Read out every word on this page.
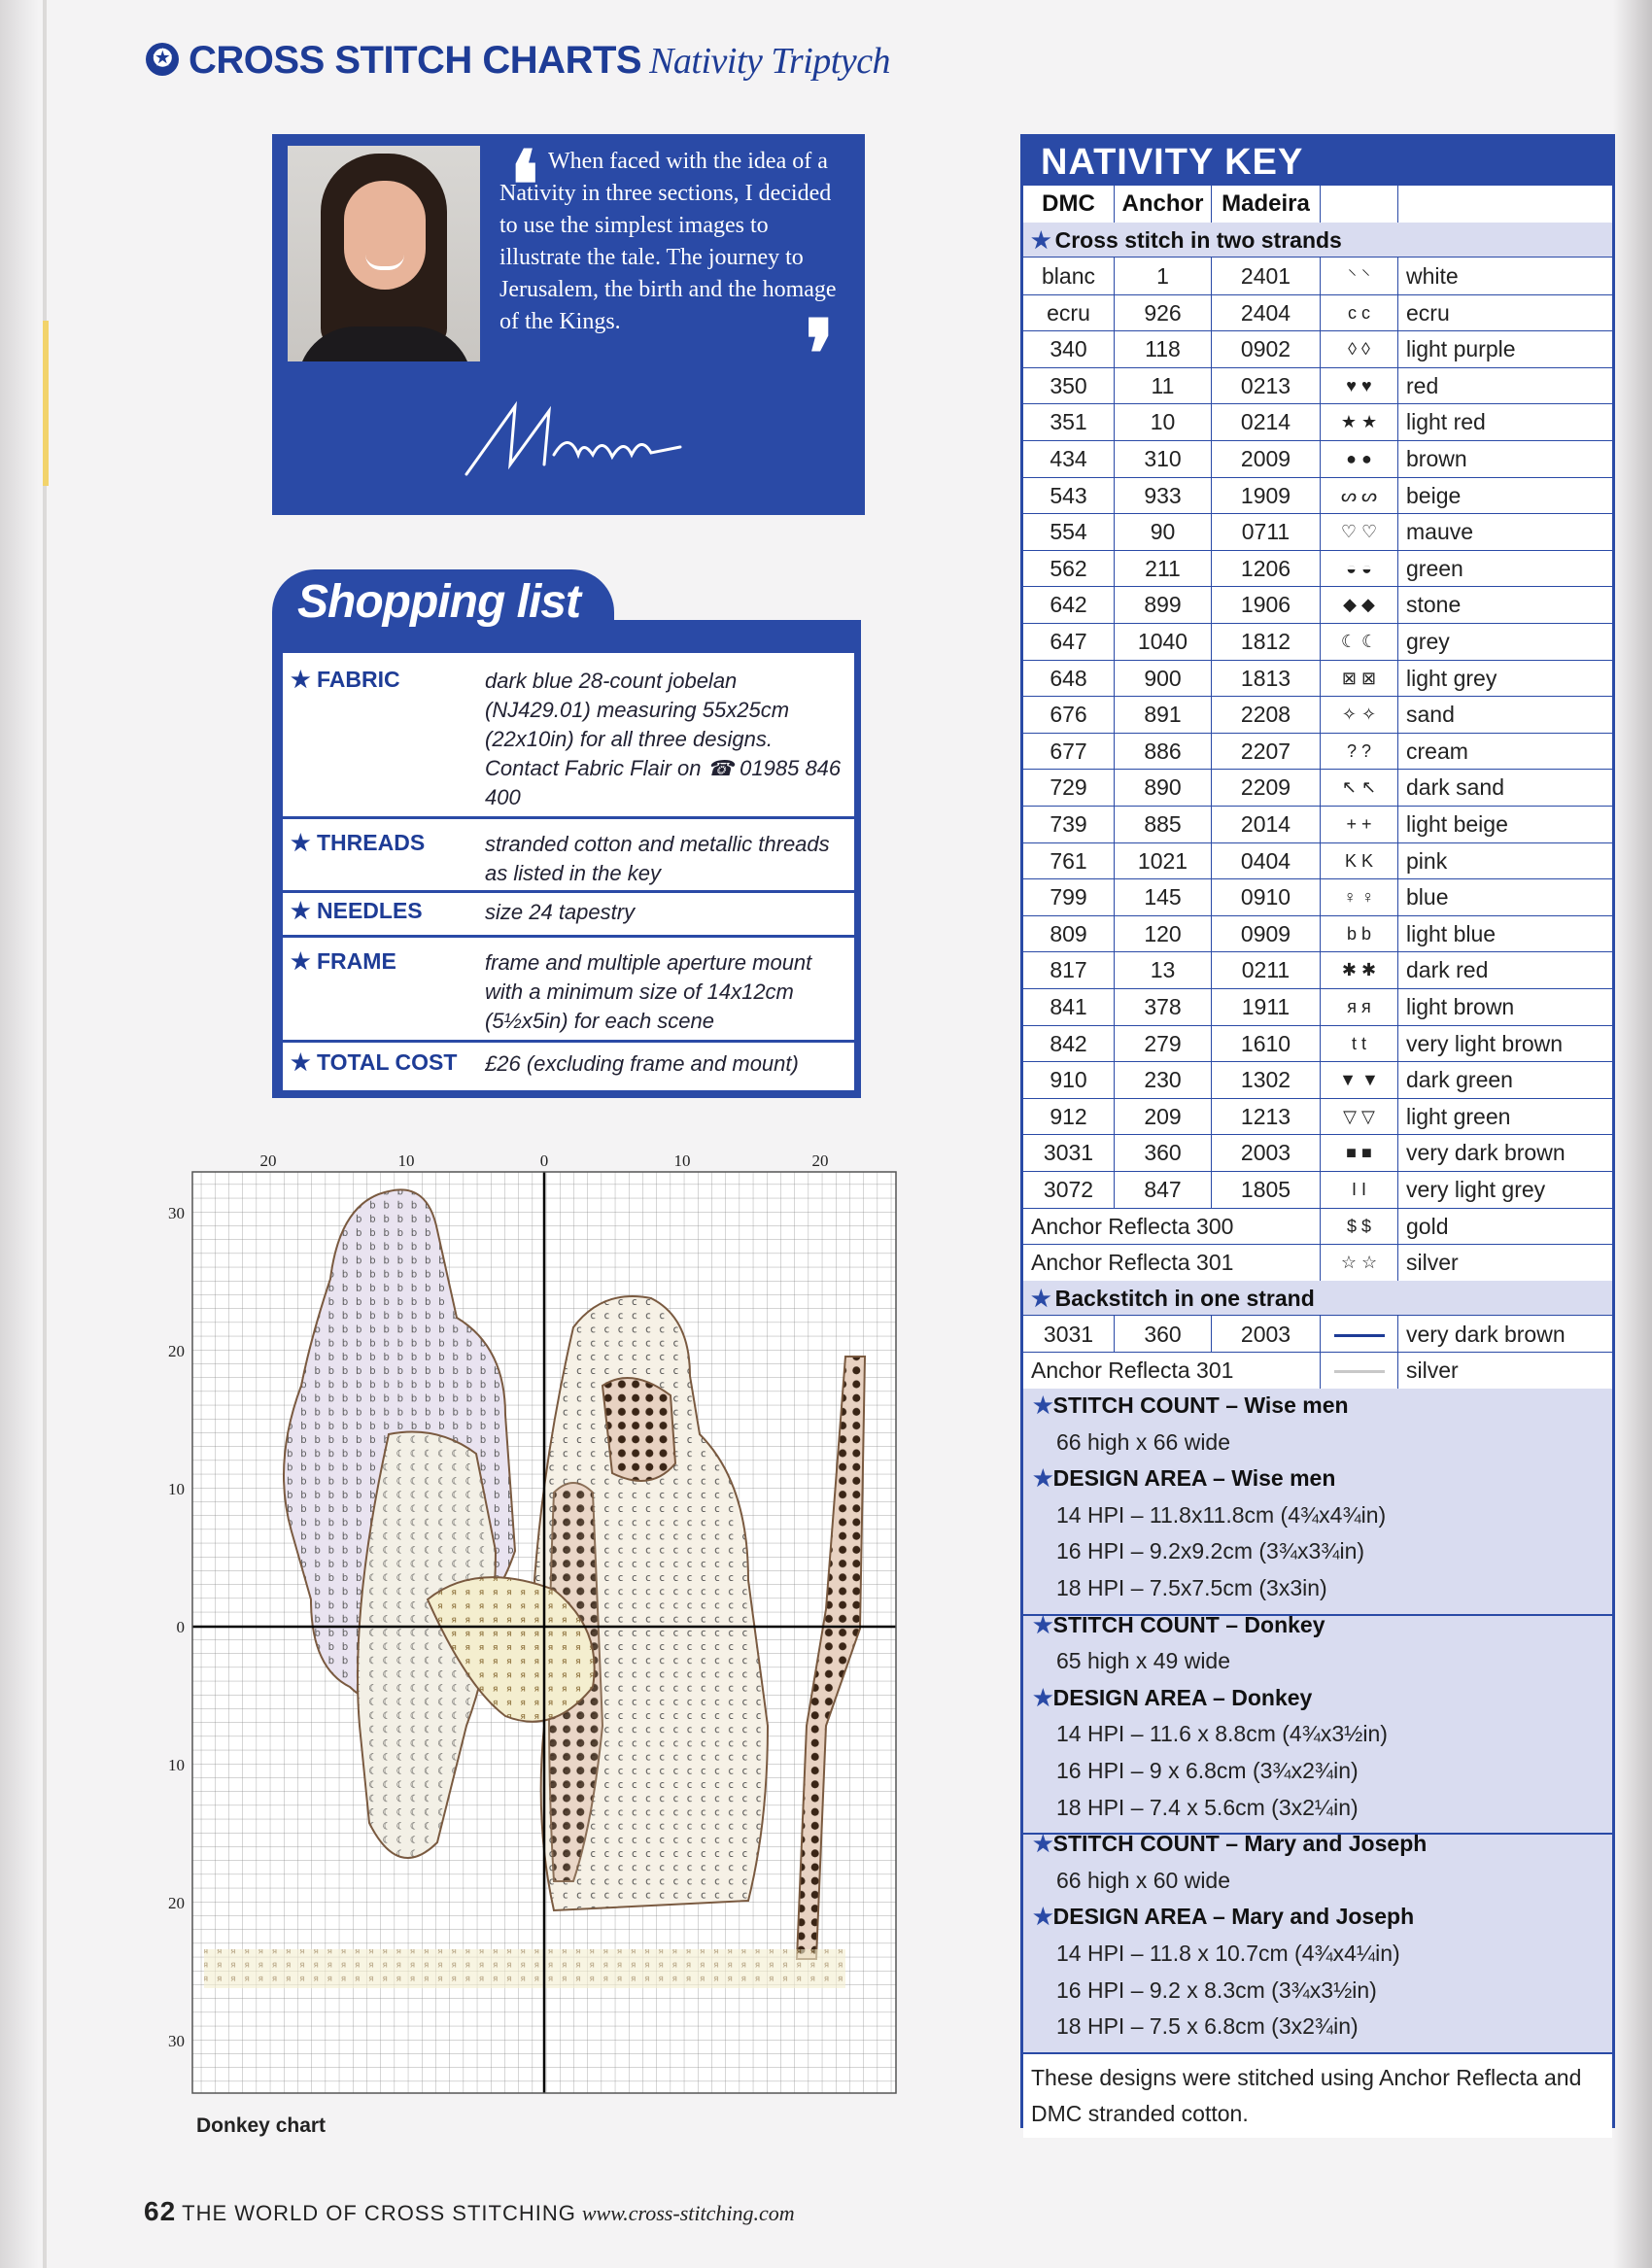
✪ CROSS STITCH CHARTS Nativity Triptych
❛ When faced with the idea of a Nativity in three sections, I decided to use the simplest images to illustrate the tale. The journey to Jerusalem, the birth and the homage of the Kings.	❜
Shopping list
★ FABRIC	dark blue 28-count jobelan (NJ429.01) measuring 55x25cm (22x10in) for all three designs. Contact Fabric Flair on ☎ 01985 846 400
★ THREADS	stranded cotton and metallic threads as listed in the key
★ NEEDLES	size 24 tapestry
★ FRAME	frame and multiple aperture mount with a minimum size of 14x12cm (5½x5in) for each scene
★ TOTAL COST £26 (excluding frame and mount)
20	10	0	10	20
30
20
10
0
10
20
30
Donkey chart
NATIVITY KEY
DMC	Anchor Madeira
★ Cross stitch in two strands
blanc	1	2401	⸌ ⸌	white
ecru	926	2404	c c	ecru
340	118	0902	◊ ◊	light purple
350	11	0213	♥ ♥	red
351	10	0214	★ ★	light red
434	310	2009	● ●	brown
543	933	1909	ᔕ ᔕ	beige
554	90	0711	♡ ♡	mauve
562	211	1206	◒ ◒	green
642	899	1906	◆ ◆	stone
647	1040	1812	☾ ☾	grey
648	900	1813	⊠ ⊠	light grey
676	891	2208	✧ ✧	sand
677	886	2207	? ?	cream
729	890	2209	↖ ↖	dark sand
739	885	2014	+ +	light beige
761	1021	0404	K K	pink
799	145	0910	♀ ♀	blue
809	120	0909	b b	light blue
817	13	0211	✱ ✱	dark red
841	378	1911	я я	light brown
842	279	1610	t t	very light brown
910	230	1302	▼ ▼	dark green
912	209	1213	▽ ▽	light green
3031	360	2003	■ ■	very dark brown
3072	847	1805	I I	very light grey
Anchor Reflecta 300	$ $	gold
Anchor Reflecta 301	☆ ☆	silver
★ Backstitch in one strand
3031	360	2003	very dark brown
Anchor Reflecta 301	silver
★STITCH COUNT – Wise men
66 high x 66 wide
★DESIGN AREA – Wise men
14 HPI – 11.8x11.8cm (4¾x4¾in)
16 HPI – 9.2x9.2cm (3¾x3¾in)
18 HPI – 7.5x7.5cm (3x3in)
★STITCH COUNT – Donkey
65 high x 49 wide
★DESIGN AREA – Donkey
14 HPI – 11.6 x 8.8cm (4¾x3½in)
16 HPI – 9 x 6.8cm (3¾x2¾in)
18 HPI – 7.4 x 5.6cm (3x2¼in)
★STITCH COUNT – Mary and Joseph
66 high x 60 wide
★DESIGN AREA – Mary and Joseph
14 HPI – 11.8 x 10.7cm (4¾x4¼in)
16 HPI – 9.2 x 8.3cm (3¾x3½in)
18 HPI – 7.5 x 6.8cm (3x2¾in)
These designs were stitched using Anchor Reflecta and DMC stranded cotton.
62 THE WORLD OF CROSS STITCHING www.cross-stitching.com
